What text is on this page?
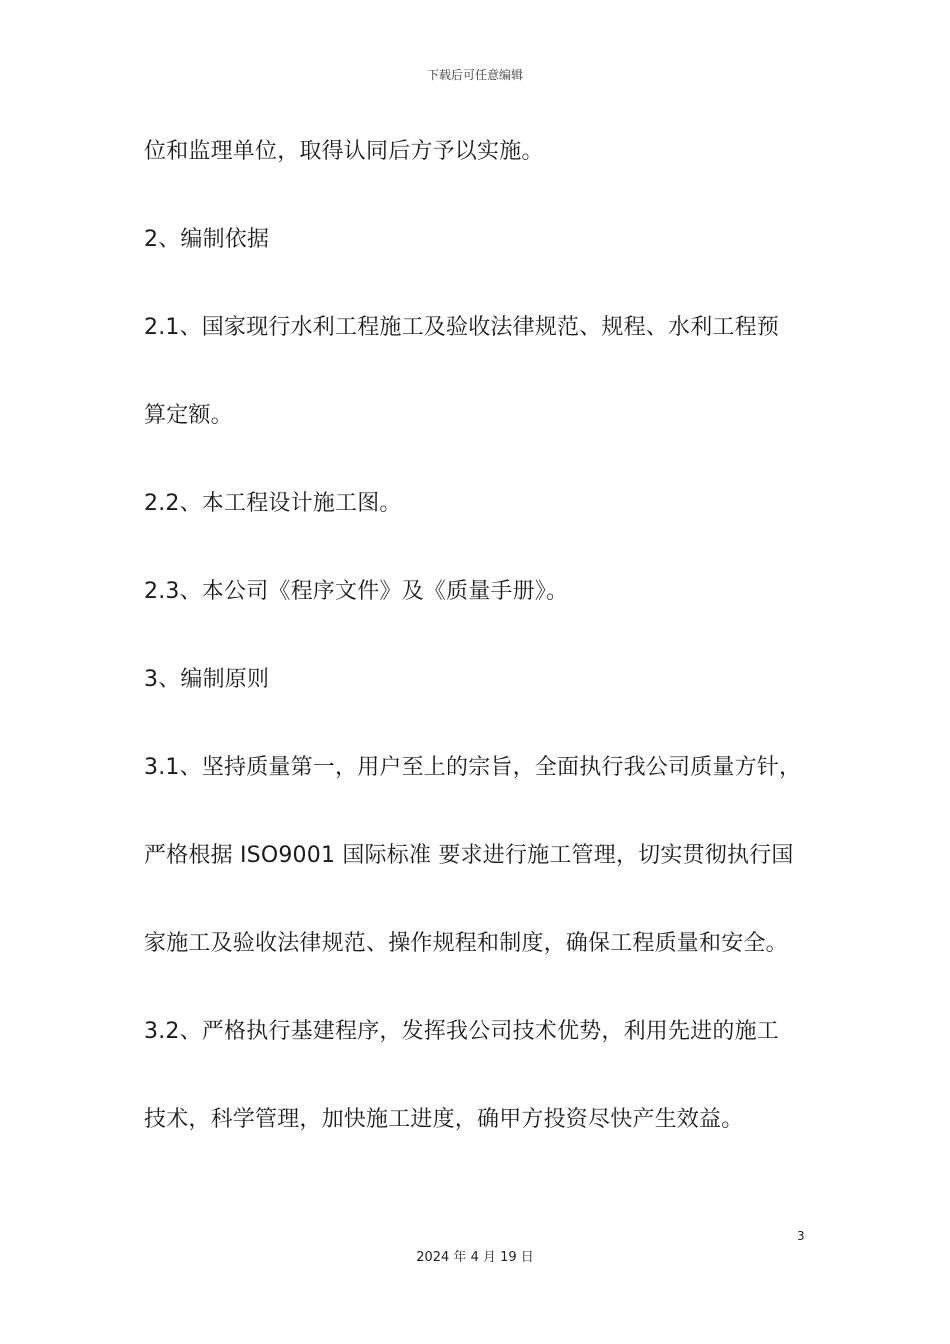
下载后可任意编辑
位和监理单位，取得认同后方予以实施。
2、编制依据
2.1、国家现行水利工程施工及验收法律规范、规程、水利工程预
算定额。
2.2、本工程设计施工图。
2.3、本公司《程序文件》及《质量手册》。
3、编制原则
3.1、坚持质量第一，用户至上的宗旨，全面执行我公司质量方针，
严格根据 ISO9001 国际标准 要求进行施工管理，切实贯彻执行国
家施工及验收法律规范、操作规程和制度，确保工程质量和安全。
3.2、严格执行基建程序，发挥我公司技术优势，利用先进的施工
技术，科学管理，加快施工进度，确甲方投资尽快产生效益。
3
2024 年 4 月 19 日
